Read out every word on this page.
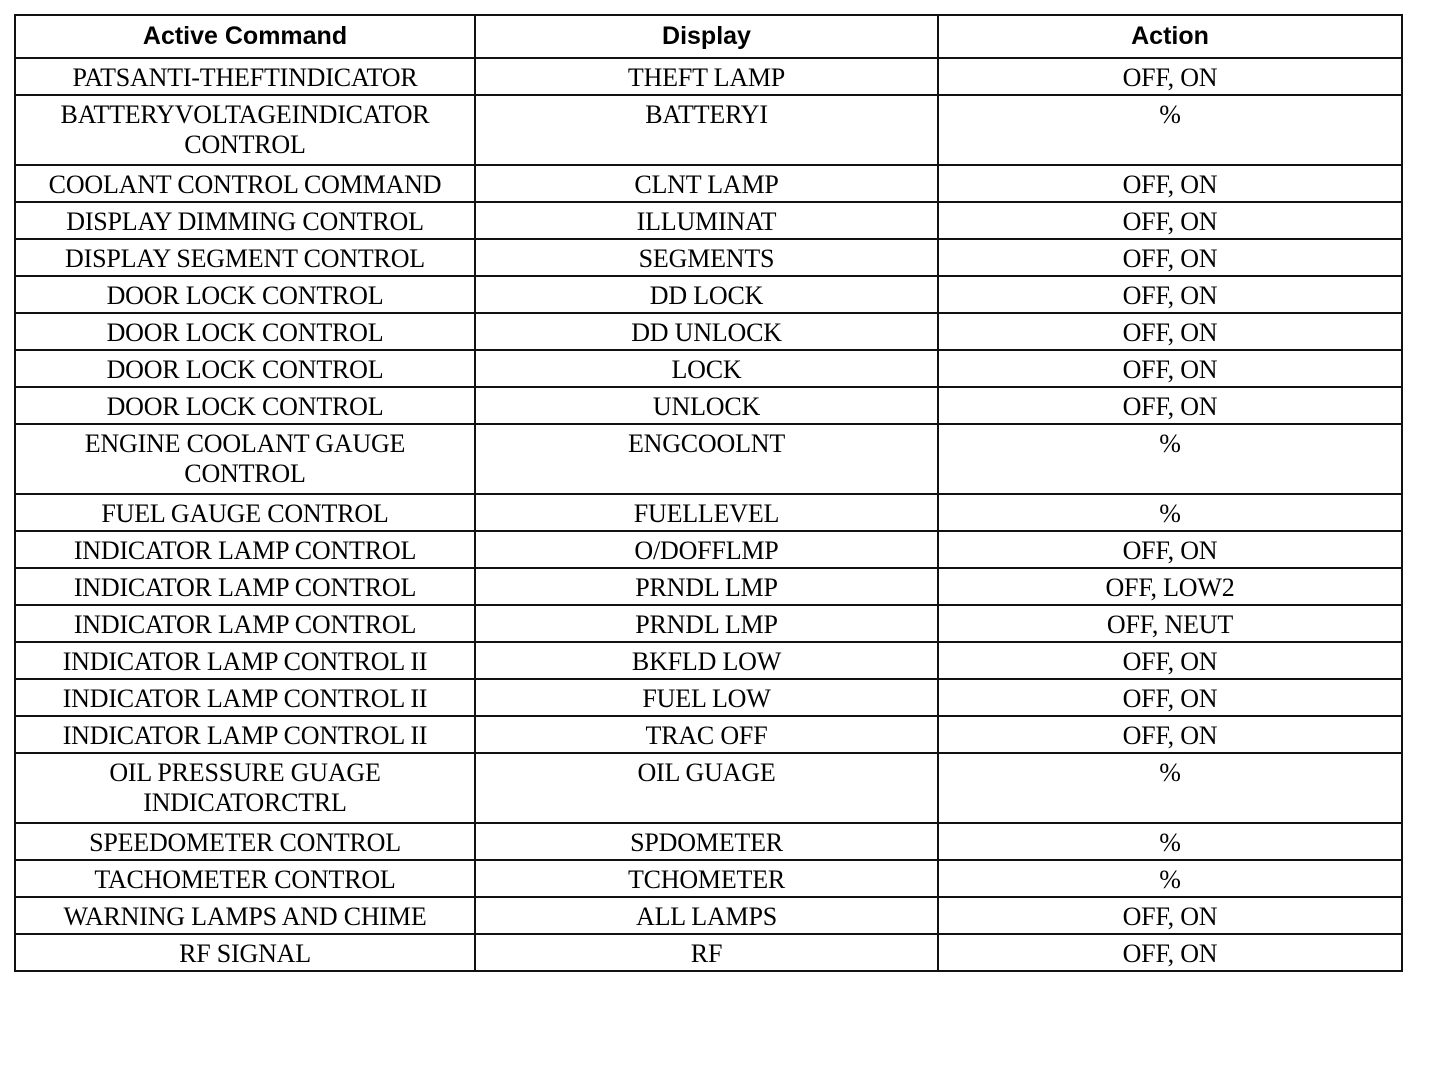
Active Command	Display	Action
PATSANTI-THEFTINDICATOR	THEFT LAMP	OFF, ON
BATTERYVOLTAGEINDICATOR CONTROL	BATTERYI	%
COOLANT CONTROL COMMAND	CLNT LAMP	OFF, ON
DISPLAY DIMMING CONTROL	ILLUMINAT	OFF, ON
DISPLAY SEGMENT CONTROL	SEGMENTS	OFF, ON
DOOR LOCK CONTROL	DD LOCK	OFF, ON
DOOR LOCK CONTROL	DD UNLOCK	OFF, ON
DOOR LOCK CONTROL	LOCK	OFF, ON
DOOR LOCK CONTROL	UNLOCK	OFF, ON
ENGINE COOLANT GAUGE CONTROL	ENGCOOLNT	%
FUEL GAUGE CONTROL	FUELLEVEL	%
INDICATOR LAMP CONTROL	O/DOFFLMP	OFF, ON
INDICATOR LAMP CONTROL	PRNDL LMP	OFF, LOW2
INDICATOR LAMP CONTROL	PRNDL LMP	OFF, NEUT
INDICATOR LAMP CONTROL II	BKFLD LOW	OFF, ON
INDICATOR LAMP CONTROL II	FUEL LOW	OFF, ON
INDICATOR LAMP CONTROL II	TRAC OFF	OFF, ON
OIL PRESSURE GUAGE INDICATORCTRL	OIL GUAGE	%
SPEEDOMETER CONTROL	SPDOMETER	%
TACHOMETER CONTROL	TCHOMETER	%
WARNING LAMPS AND CHIME	ALL LAMPS	OFF, ON
RF SIGNAL	RF	OFF, ON
